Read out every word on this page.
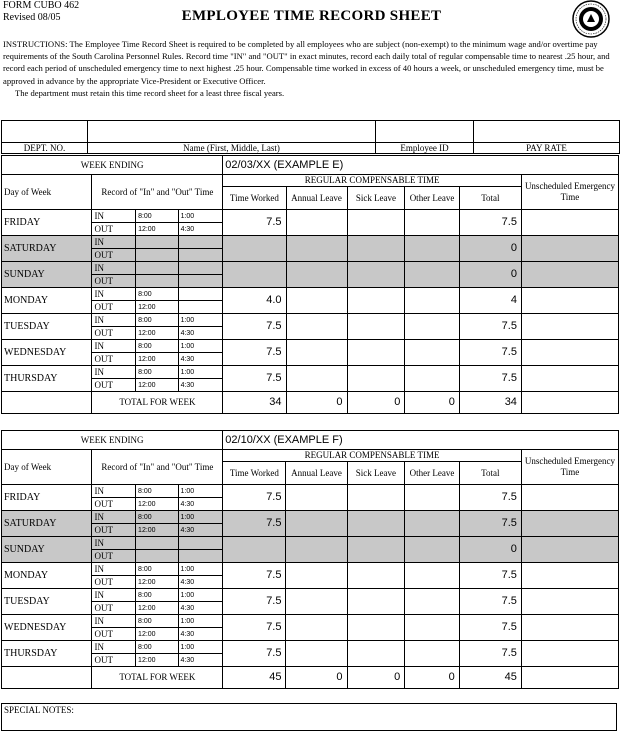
FORM CUBO 462
Revised 08/05	EMPLOYEE TIME RECORD SHEET

INSTRUCTIONS: The Employee Time Record Sheet is required to be completed by all employees who are subject (non-exempt) to the minimum wage and/or overtime pay requirements of the South Carolina Personnel Rules. Record time "IN" and "OUT" in exact minutes, record each daily total of regular compensable time to nearest .25 hour, and record each period of unscheduled emergency time to next highest .25 hour. Compensable time worked in excess of 40 hours a week, or unscheduled emergency time, must be approved in advance by the appropriate Vice-President or Executive Officer.

The department must retain this time record sheet for a least three fiscal years.

DEPT. NO.	Name (First, Middle, Last)	Employee ID	PAY RATE
WEEK ENDING				02/03/XX (EXAMPLE E)					
Day of Week	Record of "In" and "Out" Time			REGULAR COMPENSABLE TIME					Unscheduled Emergency Time
				Time Worked	Annual Leave	Sick Leave	Other Leave	Total	
FRIDAY	IN	8:00	1:00	7.5				7.5	
	OUT	12:00	4:30						
SATURDAY	IN							0	
	OUT								
SUNDAY	IN							0	
	OUT								
MONDAY	IN	8:00		4.0				4	
	OUT	12:00							
TUESDAY	IN	8:00	1:00	7.5				7.5	
	OUT	12:00	4:30						
WEDNESDAY	IN	8:00	1:00	7.5				7.5	
	OUT	12:00	4:30						
THURSDAY	IN	8:00	1:00	7.5				7.5	
	OUT	12:00	4:30						
	TOTAL FOR WEEK			34	0	0	0	34	
WEEK ENDING				02/10/XX (EXAMPLE F)					
Day of Week	Record of "In" and "Out" Time			REGULAR COMPENSABLE TIME					Unscheduled Emergency Time
				Time Worked	Annual Leave	Sick Leave	Other Leave	Total	
FRIDAY	IN	8:00	1:00	7.5				7.5	
	OUT	12:00	4:30						
SATURDAY	IN	8:00	1:00	7.5				7.5	
	OUT	12:00	4:30						
SUNDAY	IN							0	
	OUT								
MONDAY	IN	8:00	1:00	7.5				7.5	
	OUT	12:00	4:30						
TUESDAY	IN	8:00	1:00	7.5				7.5	
	OUT	12:00	4:30						
WEDNESDAY	IN	8:00	1:00	7.5				7.5	
	OUT	12:00	4:30						
THURSDAY	IN	8:00	1:00	7.5				7.5	
	OUT	12:00	4:30						
	TOTAL FOR WEEK			45	0	0	0	45	
SPECIAL NOTES:
